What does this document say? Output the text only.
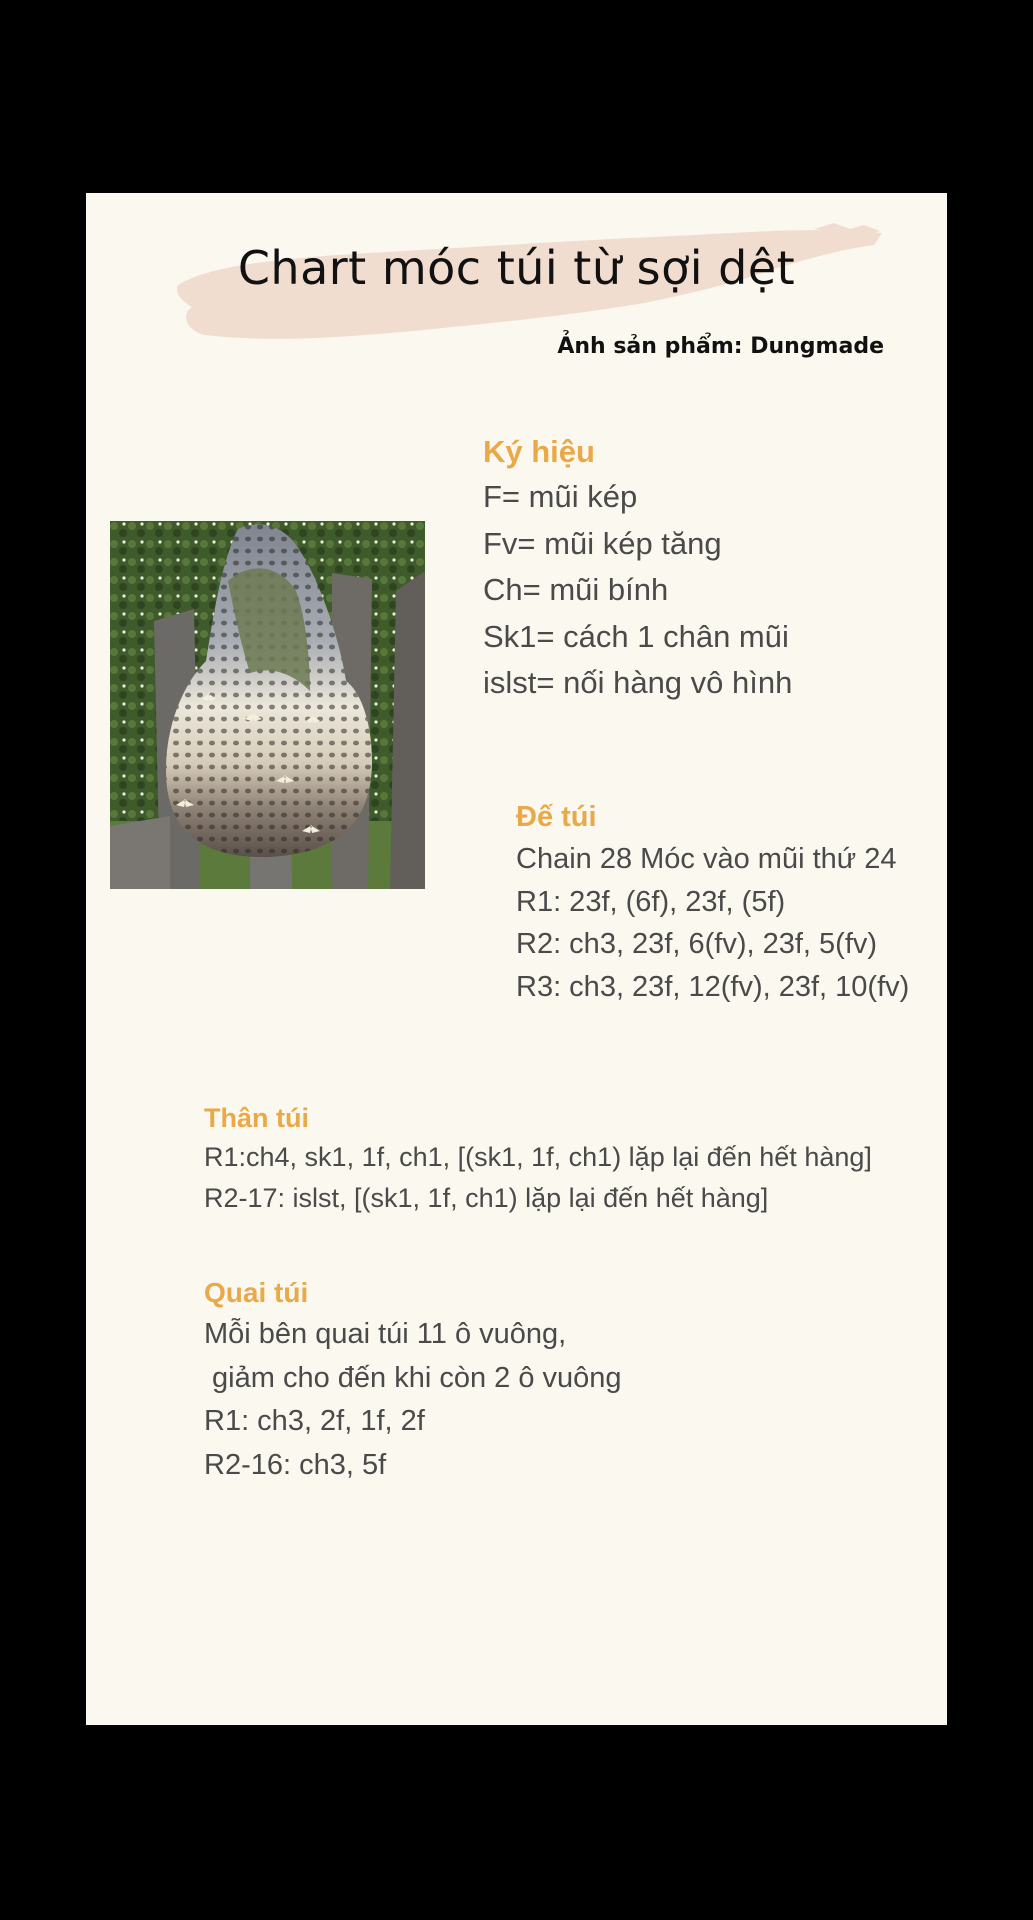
Chart móc túi từ sợi dệt

Ảnh sản phẩm: Dungmade

Ký hiệu

F= mũi kép

Fv= mũi kép tăng

Ch= mũi bính

Sk1= cách 1 chân mũi

islst= nối hàng vô hình

Đế túi

Chain 28 Móc vào mũi thứ 24

R1: 23f, (6f), 23f, (5f)

R2: ch3, 23f, 6(fv), 23f, 5(fv)

R3: ch3, 23f, 12(fv), 23f, 10(fv)

Thân túi

R1:ch4, sk1, 1f, ch1, [(sk1, 1f, ch1) lặp lại đến hết hàng]

R2-17: islst, [(sk1, 1f, ch1) lặp lại đến hết hàng]

Quai túi

Mỗi bên quai túi 11 ô vuông,

giảm cho đến khi còn 2 ô vuông

R1: ch3, 2f, 1f, 2f

R2-16: ch3, 5f
